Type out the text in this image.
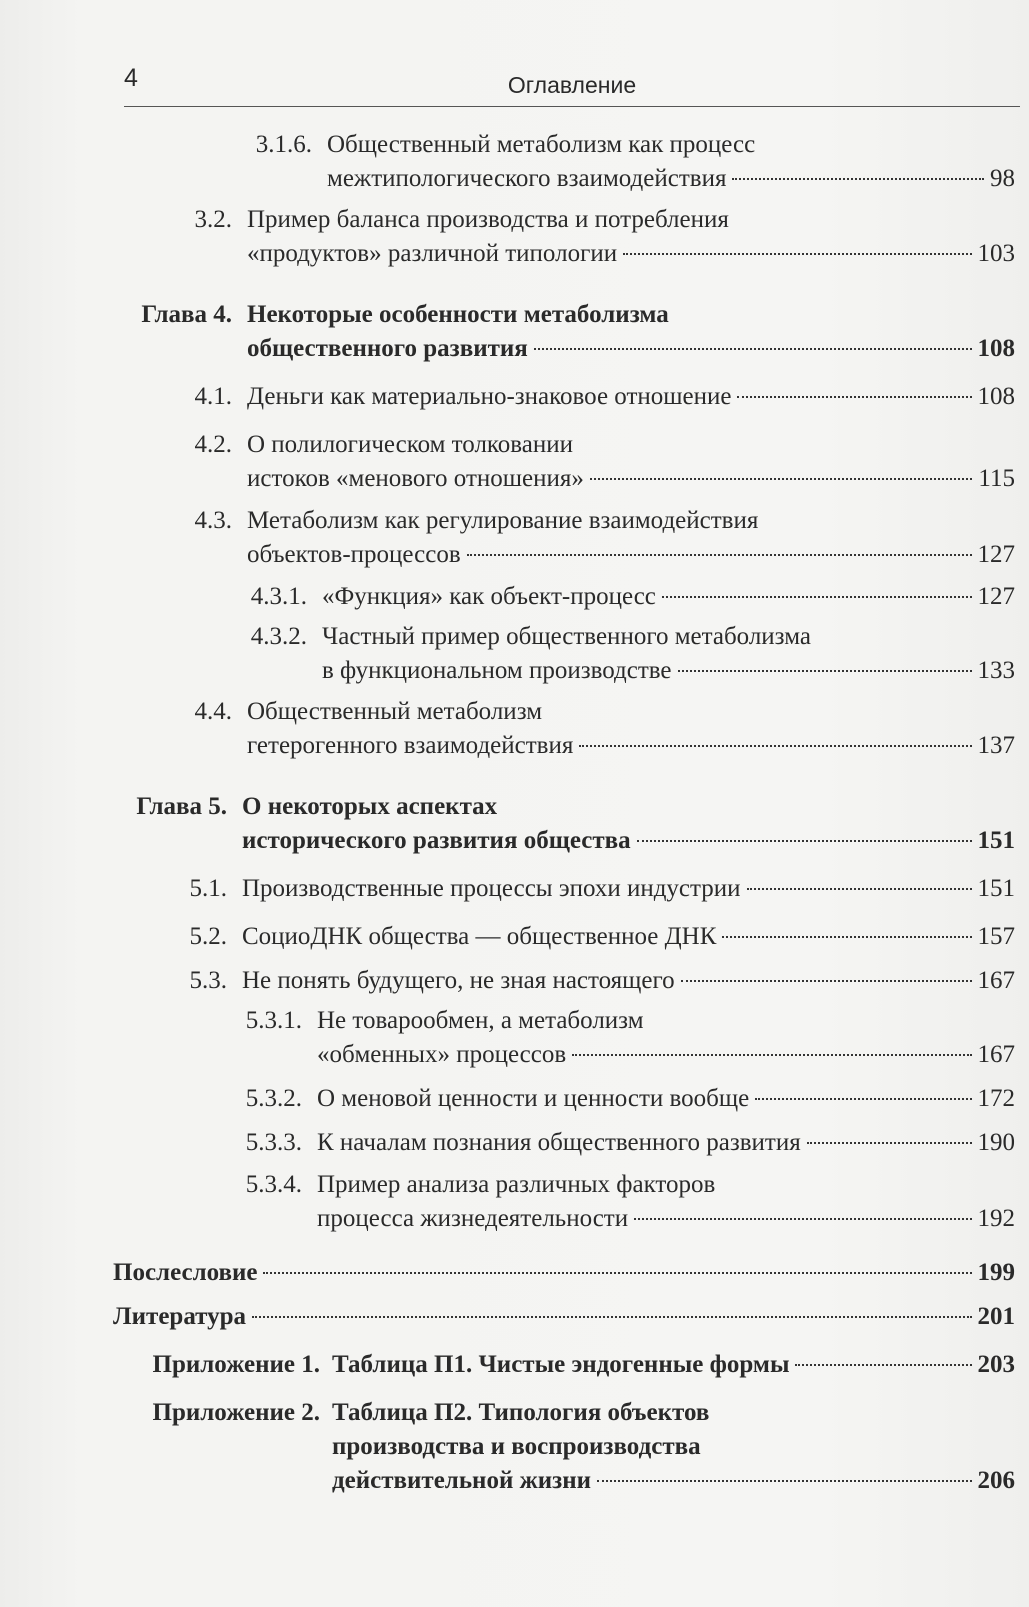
4	Оглавление
3.1.6. Общественный метаболизм как процесс
межтипологического взаимодействия	98
3.2. Пример баланса производства и потребления
«продуктов» различной типологии	103
Глава 4. Некоторые особенности метаболизма
общественного развития	108
4.1. Деньги как материально-знаковое отношение	108
4.2. О полилогическом толковании
истоков «менового отношения»	115
4.3. Метаболизм как регулирование взаимодействия
объектов-процессов	127
4.3.1. «Функция» как объект-процесс	127
4.3.2. Частный пример общественного метаболизма
в функциональном производстве	133
4.4. Общественный метаболизм
гетерогенного взаимодействия	137
Глава 5. О некоторых аспектах
исторического развития общества	151
5.1. Производственные процессы эпохи индустрии	151
5.2. СоциоДНК общества — общественное ДНК	157
5.3. Не понять будущего, не зная настоящего	167
5.3.1. Не товарообмен, а метаболизм
«обменных» процессов	167
5.3.2. О меновой ценности и ценности вообще	172
5.3.3. К началам познания общественного развития	190
5.3.4. Пример анализа различных факторов
процесса жизнедеятельности	192
Послесловие	199
Литература	201
Приложение 1. Таблица П1. Чистые эндогенные формы	203
Приложение 2. Таблица П2. Типология объектов
производства и воспроизводства
действительной жизни	206
